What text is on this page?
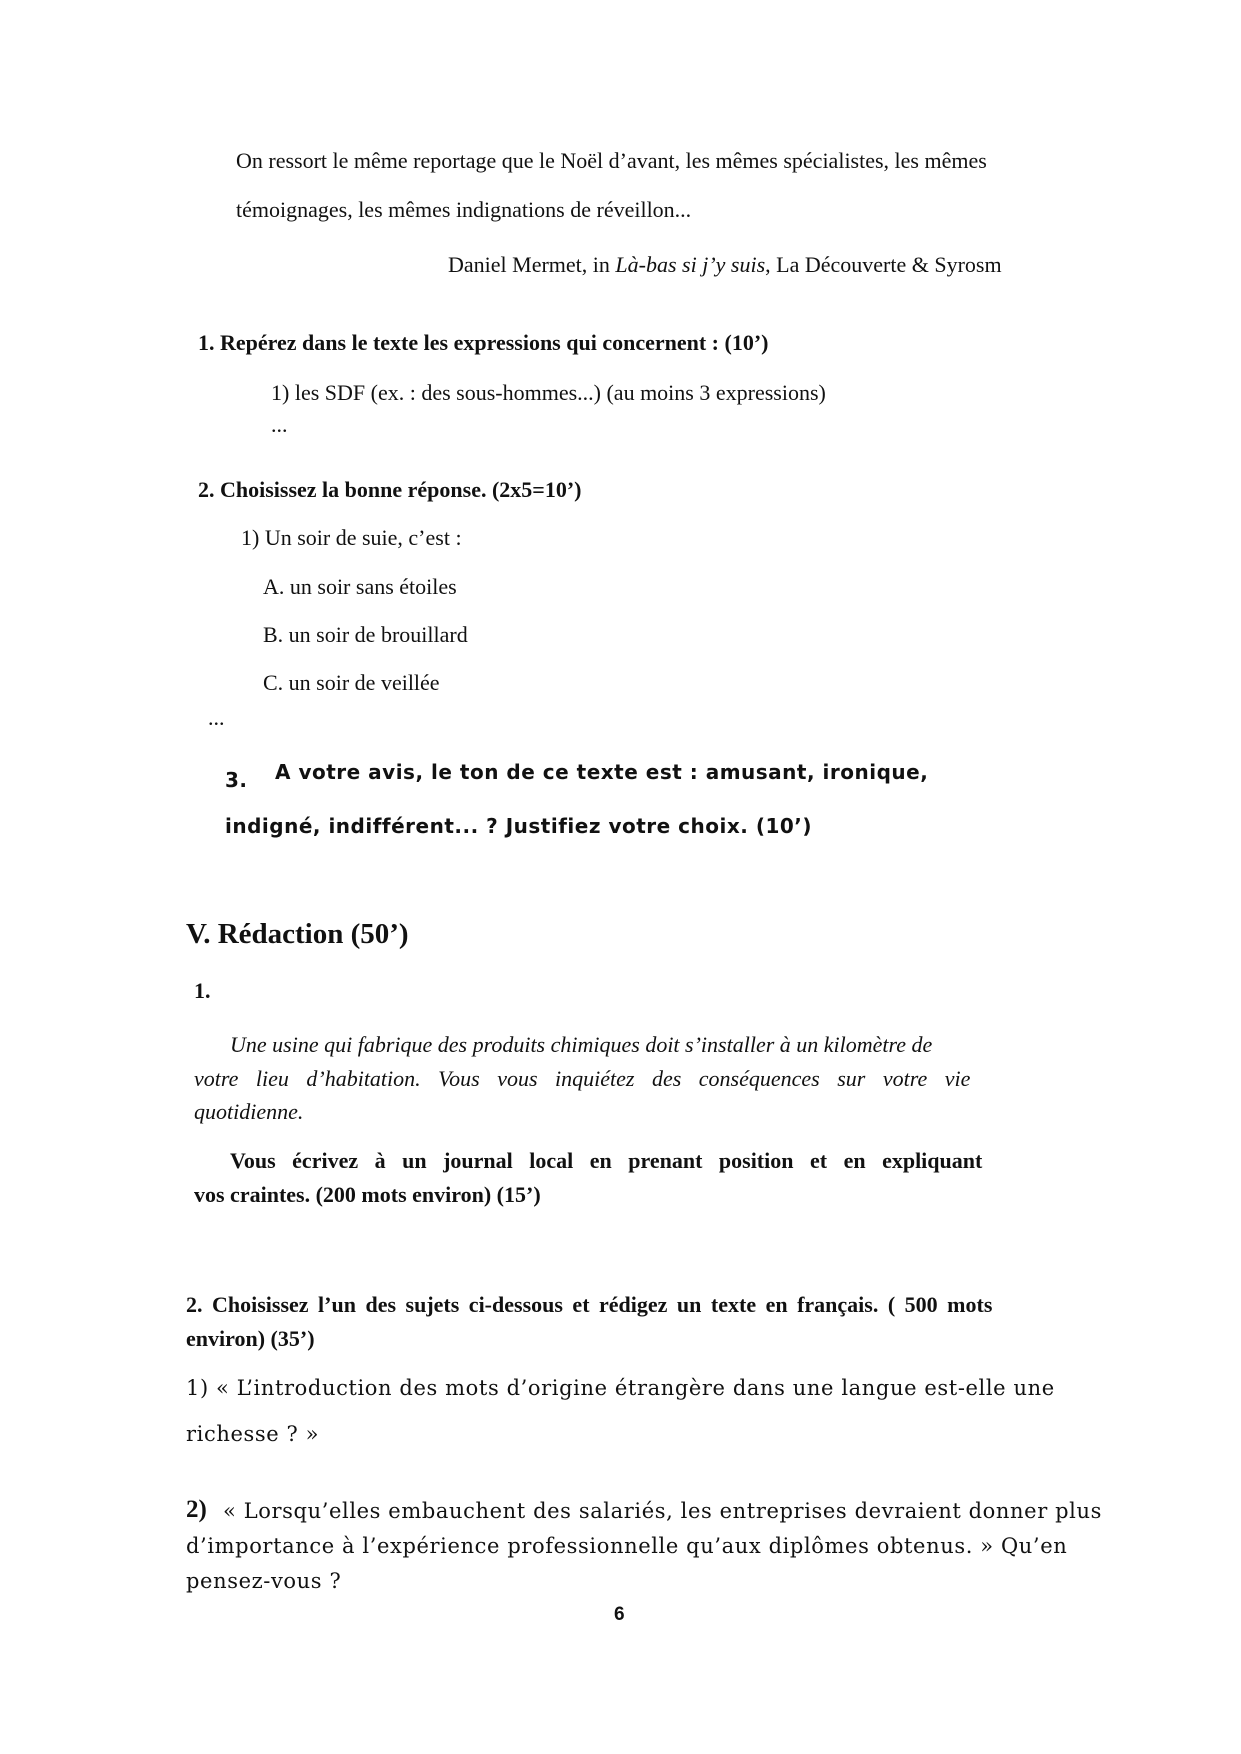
On ressort le même reportage que le Noël d’avant, les mêmes spécialistes, les mêmes
témoignages, les mêmes indignations de réveillon...
Daniel Mermet, in Là-bas si j’y suis, La Découverte & Syrosm
1. Repérez dans le texte les expressions qui concernent : (10’)
1) les SDF (ex. : des sous-hommes...) (au moins 3 expressions)
...
2. Choisissez la bonne réponse. (2x5=10’)
1) Un soir de suie, c’est :
A. un soir sans étoiles
B. un soir de brouillard
C. un soir de veillée
...
3. A votre avis, le ton de ce texte est : amusant, ironique,
indigné, indifférent... ? Justifiez votre choix. (10’)
V. Rédaction (50’)
1.
Une usine qui fabrique des produits chimiques doit s’installer à un kilomètre de
votre lieu d’habitation. Vous vous inquiétez des conséquences sur votre vie
quotidienne.
Vous écrivez à un journal local en prenant position et en expliquant
vos craintes. (200 mots environ) (15’)
2. Choisissez l’un des sujets ci-dessous et rédigez un texte en français. ( 500 mots
environ) (35’)
1) « L’introduction des mots d’origine étrangère dans une langue est-elle une
richesse ? »
2) « Lorsqu’elles embauchent des salariés, les entreprises devraient donner plus
d’importance à l’expérience professionnelle qu’aux diplômes obtenus. » Qu’en
pensez-vous ?
6
